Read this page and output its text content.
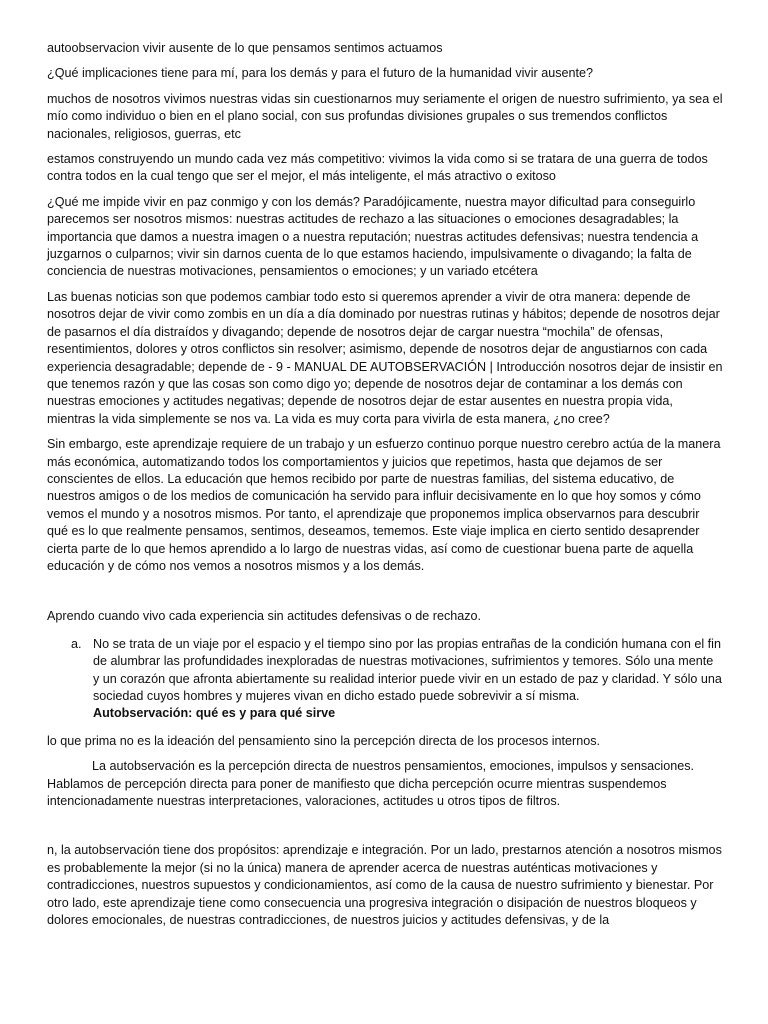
autoobservacion vivir ausente de lo que pensamos sentimos actuamos

¿Qué implicaciones tiene para mí, para los demás y para el futuro de la humanidad vivir ausente?

muchos de nosotros vivimos nuestras vidas sin cuestionarnos muy seriamente el origen de nuestro sufrimiento, ya sea el mío como individuo o bien en el plano social, con sus profundas divisiones grupales o sus tremendos conflictos nacionales, religiosos, guerras, etc

estamos construyendo un mundo cada vez más competitivo: vivimos la vida como si se tratara de una guerra de todos contra todos en la cual tengo que ser el mejor, el más inteligente, el más atractivo o exitoso

¿Qué me impide vivir en paz conmigo y con los demás? Paradójicamente, nuestra mayor dificultad para conseguirlo parecemos ser nosotros mismos: nuestras actitudes de rechazo a las situaciones o emociones desagradables; la importancia que damos a nuestra imagen o a nuestra reputación; nuestras actitudes defensivas; nuestra tendencia a juzgarnos o culparnos; vivir sin darnos cuenta de lo que estamos haciendo, impulsivamente o divagando; la falta de conciencia de nuestras motivaciones, pensamientos o emociones; y un variado etcétera

Las buenas noticias son que podemos cambiar todo esto si queremos aprender a vivir de otra manera: depende de nosotros dejar de vivir como zombis en un día a día dominado por nuestras rutinas y hábitos; depende de nosotros dejar de pasarnos el día distraídos y divagando; depende de nosotros dejar de cargar nuestra “mochila” de ofensas, resentimientos, dolores y otros conflictos sin resolver; asimismo, depende de nosotros dejar de angustiarnos con cada experiencia desagradable; depende de - 9 - MANUAL DE AUTOBSERVACIÓN | Introducción nosotros dejar de insistir en que tenemos razón y que las cosas son como digo yo; depende de nosotros dejar de contaminar a los demás con nuestras emociones y actitudes negativas; depende de nosotros dejar de estar ausentes en nuestra propia vida, mientras la vida simplemente se nos va. La vida es muy corta para vivirla de esta manera, ¿no cree?

Sin embargo, este aprendizaje requiere de un trabajo y un esfuerzo continuo porque nuestro cerebro actúa de la manera más económica, automatizando todos los comportamientos y juicios que repetimos, hasta que dejamos de ser conscientes de ellos. La educación que hemos recibido por parte de nuestras familias, del sistema educativo, de nuestros amigos o de los medios de comunicación ha servido para influir decisivamente en lo que hoy somos y cómo vemos el mundo y a nosotros mismos. Por tanto, el aprendizaje que proponemos implica observarnos para descubrir qué es lo que realmente pensamos, sentimos, deseamos, tememos. Este viaje implica en cierto sentido desaprender cierta parte de lo que hemos aprendido a lo largo de nuestras vidas, así como de cuestionar buena parte de aquella educación y de cómo nos vemos a nosotros mismos y a los demás.

Aprendo cuando vivo cada experiencia sin actitudes defensivas o de rechazo.

a. No se trata de un viaje por el espacio y el tiempo sino por las propias entrañas de la condición humana con el fin de alumbrar las profundidades inexploradas de nuestras motivaciones, sufrimientos y temores. Sólo una mente y un corazón que afronta abiertamente su realidad interior puede vivir en un estado de paz y claridad. Y sólo una sociedad cuyos hombres y mujeres vivan en dicho estado puede sobrevivir a sí misma.
Autobservación: qué es y para qué sirve

lo que prima no es la ideación del pensamiento sino la percepción directa de los procesos internos.

La autobservación es la percepción directa de nuestros pensamientos, emociones, impulsos y sensaciones. Hablamos de percepción directa para poner de manifiesto que dicha percepción ocurre mientras suspendemos intencionadamente nuestras interpretaciones, valoraciones, actitudes u otros tipos de filtros.

n, la autobservación tiene dos propósitos: aprendizaje e integración. Por un lado, prestarnos atención a nosotros mismos es probablemente la mejor (si no la única) manera de aprender acerca de nuestras auténticas motivaciones y contradicciones, nuestros supuestos y condicionamientos, así como de la causa de nuestro sufrimiento y bienestar. Por otro lado, este aprendizaje tiene como consecuencia una progresiva integración o disipación de nuestros bloqueos y dolores emocionales, de nuestras contradicciones, de nuestros juicios y actitudes defensivas, y de la
